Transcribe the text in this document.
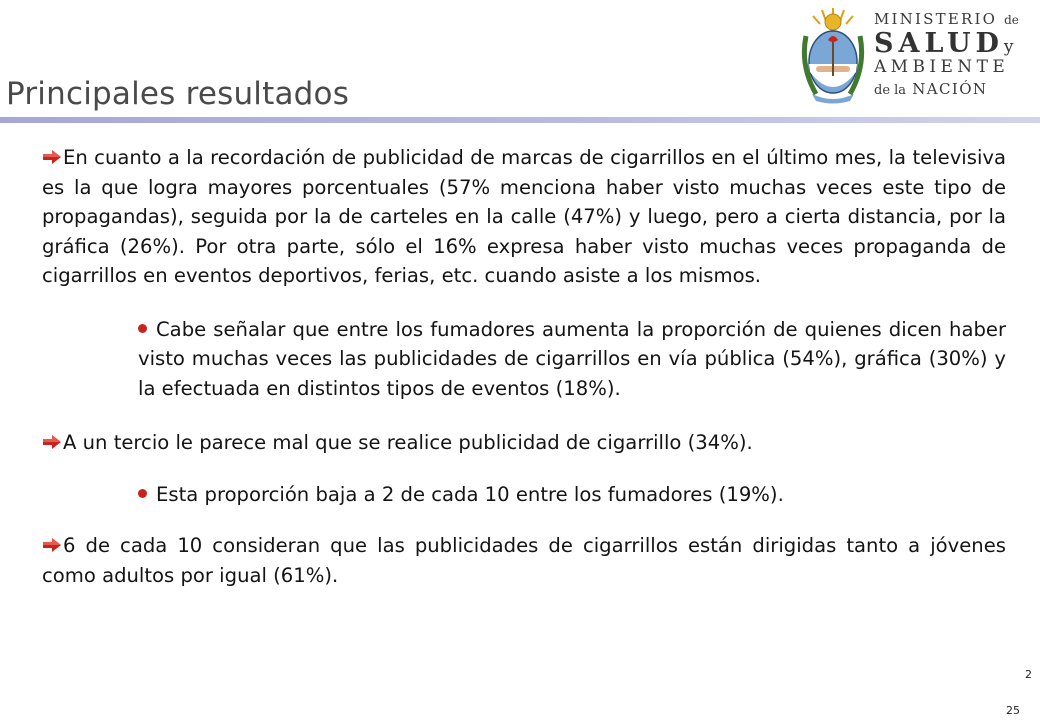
MINISTERIO de
SALUDy
AMBIENTE
de la NACIÓN
Principales resultados

En cuanto a la recordación de publicidad de marcas de cigarrillos en el último mes, la televisiva es la que logra mayores porcentuales (57% menciona haber visto muchas veces este tipo de propagandas), seguida por la de carteles en la calle (47%) y luego, pero a cierta distancia, por la gráfica (26%). Por otra parte, sólo el 16% expresa haber visto muchas veces propaganda de cigarrillos en eventos deportivos, ferias, etc. cuando asiste a los mismos.

Cabe señalar que entre los fumadores aumenta la proporción de quienes dicen haber visto muchas veces las publicidades de cigarrillos en vía pública (54%), gráfica (30%) y la efectuada en distintos tipos de eventos (18%).

A un tercio le parece mal que se realice publicidad de cigarrillo (34%).

Esta proporción baja a 2 de cada 10 entre los fumadores (19%).

6 de cada 10 consideran que las publicidades de cigarrillos están dirigidas tanto a jóvenes como adultos por igual (61%).

2
25
